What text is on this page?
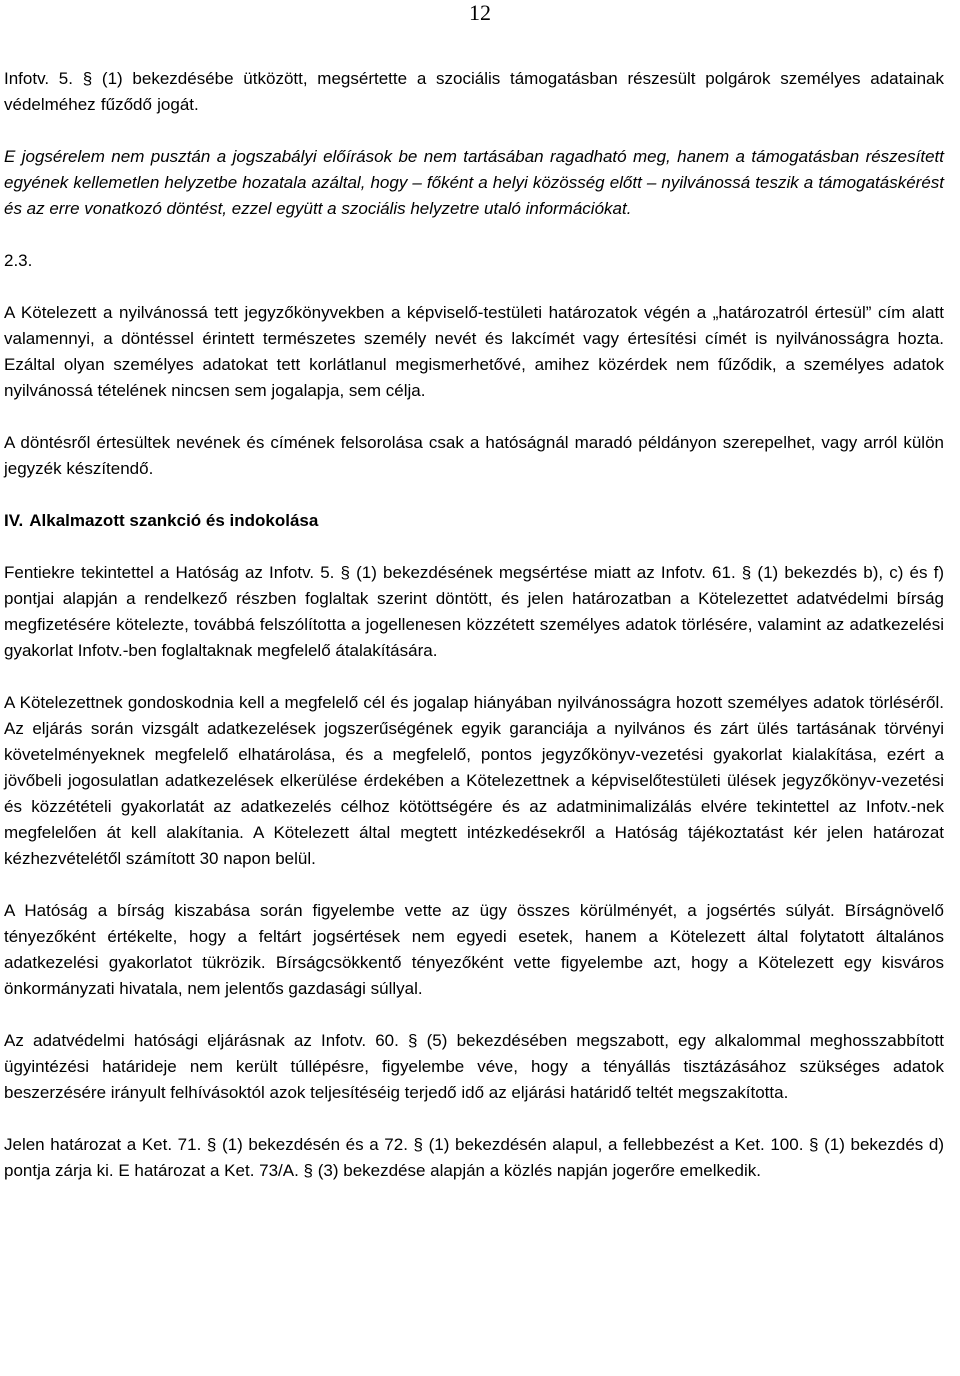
12

Infotv. 5. § (1) bekezdésébe ütközött, megsértette a szociális támogatásban részesült polgárok személyes adatainak védelméhez fűződő jogát.

E jogsérelem nem pusztán a jogszabályi előírások be nem tartásában ragadható meg, hanem a támogatásban részesített egyének kellemetlen helyzetbe hozatala azáltal, hogy – főként a helyi közösség előtt – nyilvánossá teszik a támogatáskérést és az erre vonatkozó döntést, ezzel együtt a szociális helyzetre utaló információkat.

2.3.

A Kötelezett a nyilvánossá tett jegyzőkönyvekben a képviselő-testületi határozatok végén a „határozatról értesül” cím alatt valamennyi, a döntéssel érintett természetes személy nevét és lakcímét vagy értesítési címét is nyilvánosságra hozta. Ezáltal olyan személyes adatokat tett korlátlanul megismerhetővé, amihez közérdek nem fűződik, a személyes adatok nyilvánossá tételének nincsen sem jogalapja, sem célja.

A döntésről értesültek nevének és címének felsorolása csak a hatóságnál maradó példányon szerepelhet, vagy arról külön jegyzék készítendő.

IV. Alkalmazott szankció és indokolása

Fentiekre tekintettel a Hatóság az Infotv. 5. § (1) bekezdésének megsértése miatt az Infotv. 61. § (1) bekezdés b), c) és f) pontjai alapján a rendelkező részben foglaltak szerint döntött, és jelen határozatban a Kötelezettet adatvédelmi bírság megfizetésére kötelezte, továbbá felszólította a jogellenesen közzétett személyes adatok törlésére, valamint az adatkezelési gyakorlat Infotv.-ben foglaltaknak megfelelő átalakítására.

A Kötelezettnek gondoskodnia kell a megfelelő cél és jogalap hiányában nyilvánosságra hozott személyes adatok törléséről. Az eljárás során vizsgált adatkezelések jogszerűségének egyik garanciája a nyilvános és zárt ülés tartásának törvényi követelményeknek megfelelő elhatárolása, és a megfelelő, pontos jegyzőkönyv-vezetési gyakorlat kialakítása, ezért a jövőbeli jogosulatlan adatkezelések elkerülése érdekében a Kötelezettnek a képviselőtestületi ülések jegyzőkönyv-vezetési és közzétételi gyakorlatát az adatkezelés célhoz kötöttségére és az adatminimalizálás elvére tekintettel az Infotv.-nek megfelelően át kell alakítania. A Kötelezett által megtett intézkedésekről a Hatóság tájékoztatást kér jelen határozat kézhezvételétől számított 30 napon belül.

A Hatóság a bírság kiszabása során figyelembe vette az ügy összes körülményét, a jogsértés súlyát. Bírságnövelő tényezőként értékelte, hogy a feltárt jogsértések nem egyedi esetek, hanem a Kötelezett által folytatott általános adatkezelési gyakorlatot tükrözik. Bírságcsökkentő tényezőként vette figyelembe azt, hogy a Kötelezett egy kisváros önkormányzati hivatala, nem jelentős gazdasági súllyal.

Az adatvédelmi hatósági eljárásnak az Infotv. 60. § (5) bekezdésében megszabott, egy alkalommal meghosszabbított ügyintézési határideje nem került túllépésre, figyelembe véve, hogy a tényállás tisztázásához szükséges adatok beszerzésére irányult felhívásoktól azok teljesítéséig terjedő idő az eljárási határidő teltét megszakította.

Jelen határozat a Ket. 71. § (1) bekezdésén és a 72. § (1) bekezdésén alapul, a fellebbezést a Ket. 100. § (1) bekezdés d) pontja zárja ki. E határozat a Ket. 73/A. § (3) bekezdése alapján a közlés napján jogerőre emelkedik.
